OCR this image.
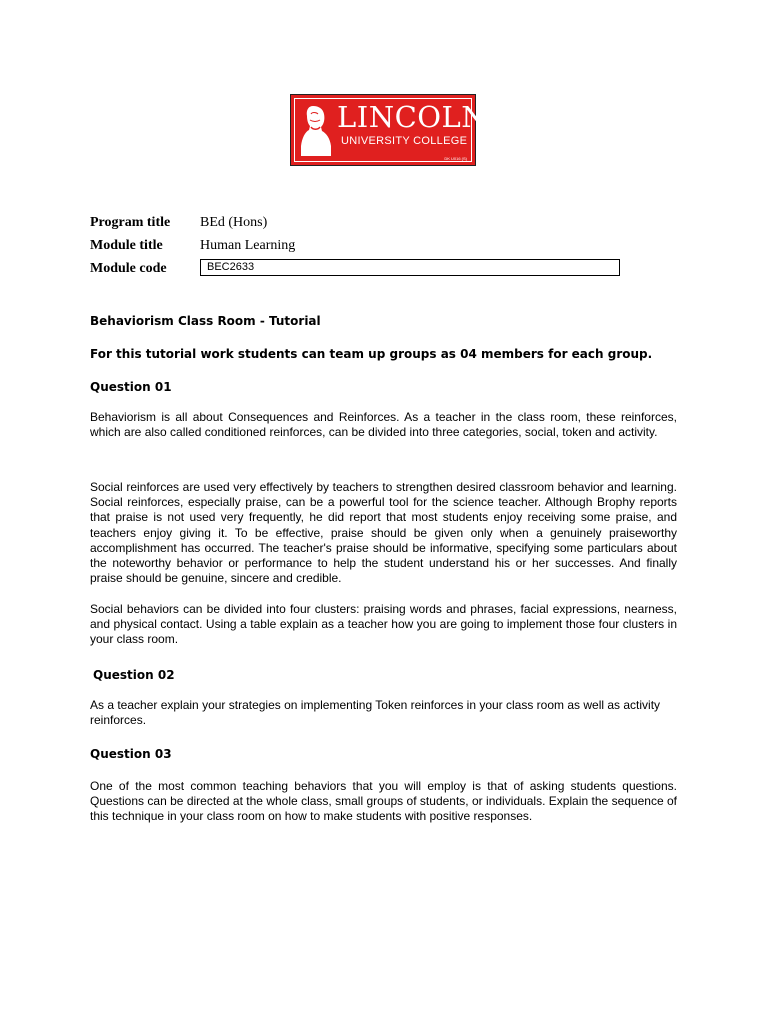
LINCOLN
UNIVERSITY COLLEGE
DK U016 (S)
Program title BEd (Hons)
Module title	Human Learning
Module code	BEC2633
Behaviorism Class Room - Tutorial
For this tutorial work students can team up groups as 04 members for each group.
Question 01

Behaviorism is all about Consequences and Reinforces. As a teacher in the class room, these reinforces, which are also called conditioned reinforces, can be divided into three categories, social, token and activity.

Social reinforces are used very effectively by teachers to strengthen desired classroom behavior and learning. Social reinforces, especially praise, can be a powerful tool for the science teacher. Although Brophy reports that praise is not used very frequently, he did report that most students enjoy receiving some praise, and teachers enjoy giving it. To be effective, praise should be given only when a genuinely praiseworthy accomplishment has occurred. The teacher's praise should be informative, specifying some particulars about the noteworthy behavior or performance to help the student understand his or her successes. And finally praise should be genuine, sincere and credible.

Social behaviors can be divided into four clusters: praising words and phrases, facial expressions, nearness, and physical contact. Using a table explain as a teacher how you are going to implement those four clusters in your class room.

Question 02

As a teacher explain your strategies on implementing Token reinforces in your class room as well as activity reinforces.

Question 03

One of the most common teaching behaviors that you will employ is that of asking students questions. Questions can be directed at the whole class, small groups of students, or individuals. Explain the sequence of this technique in your class room on how to make students with positive responses.
